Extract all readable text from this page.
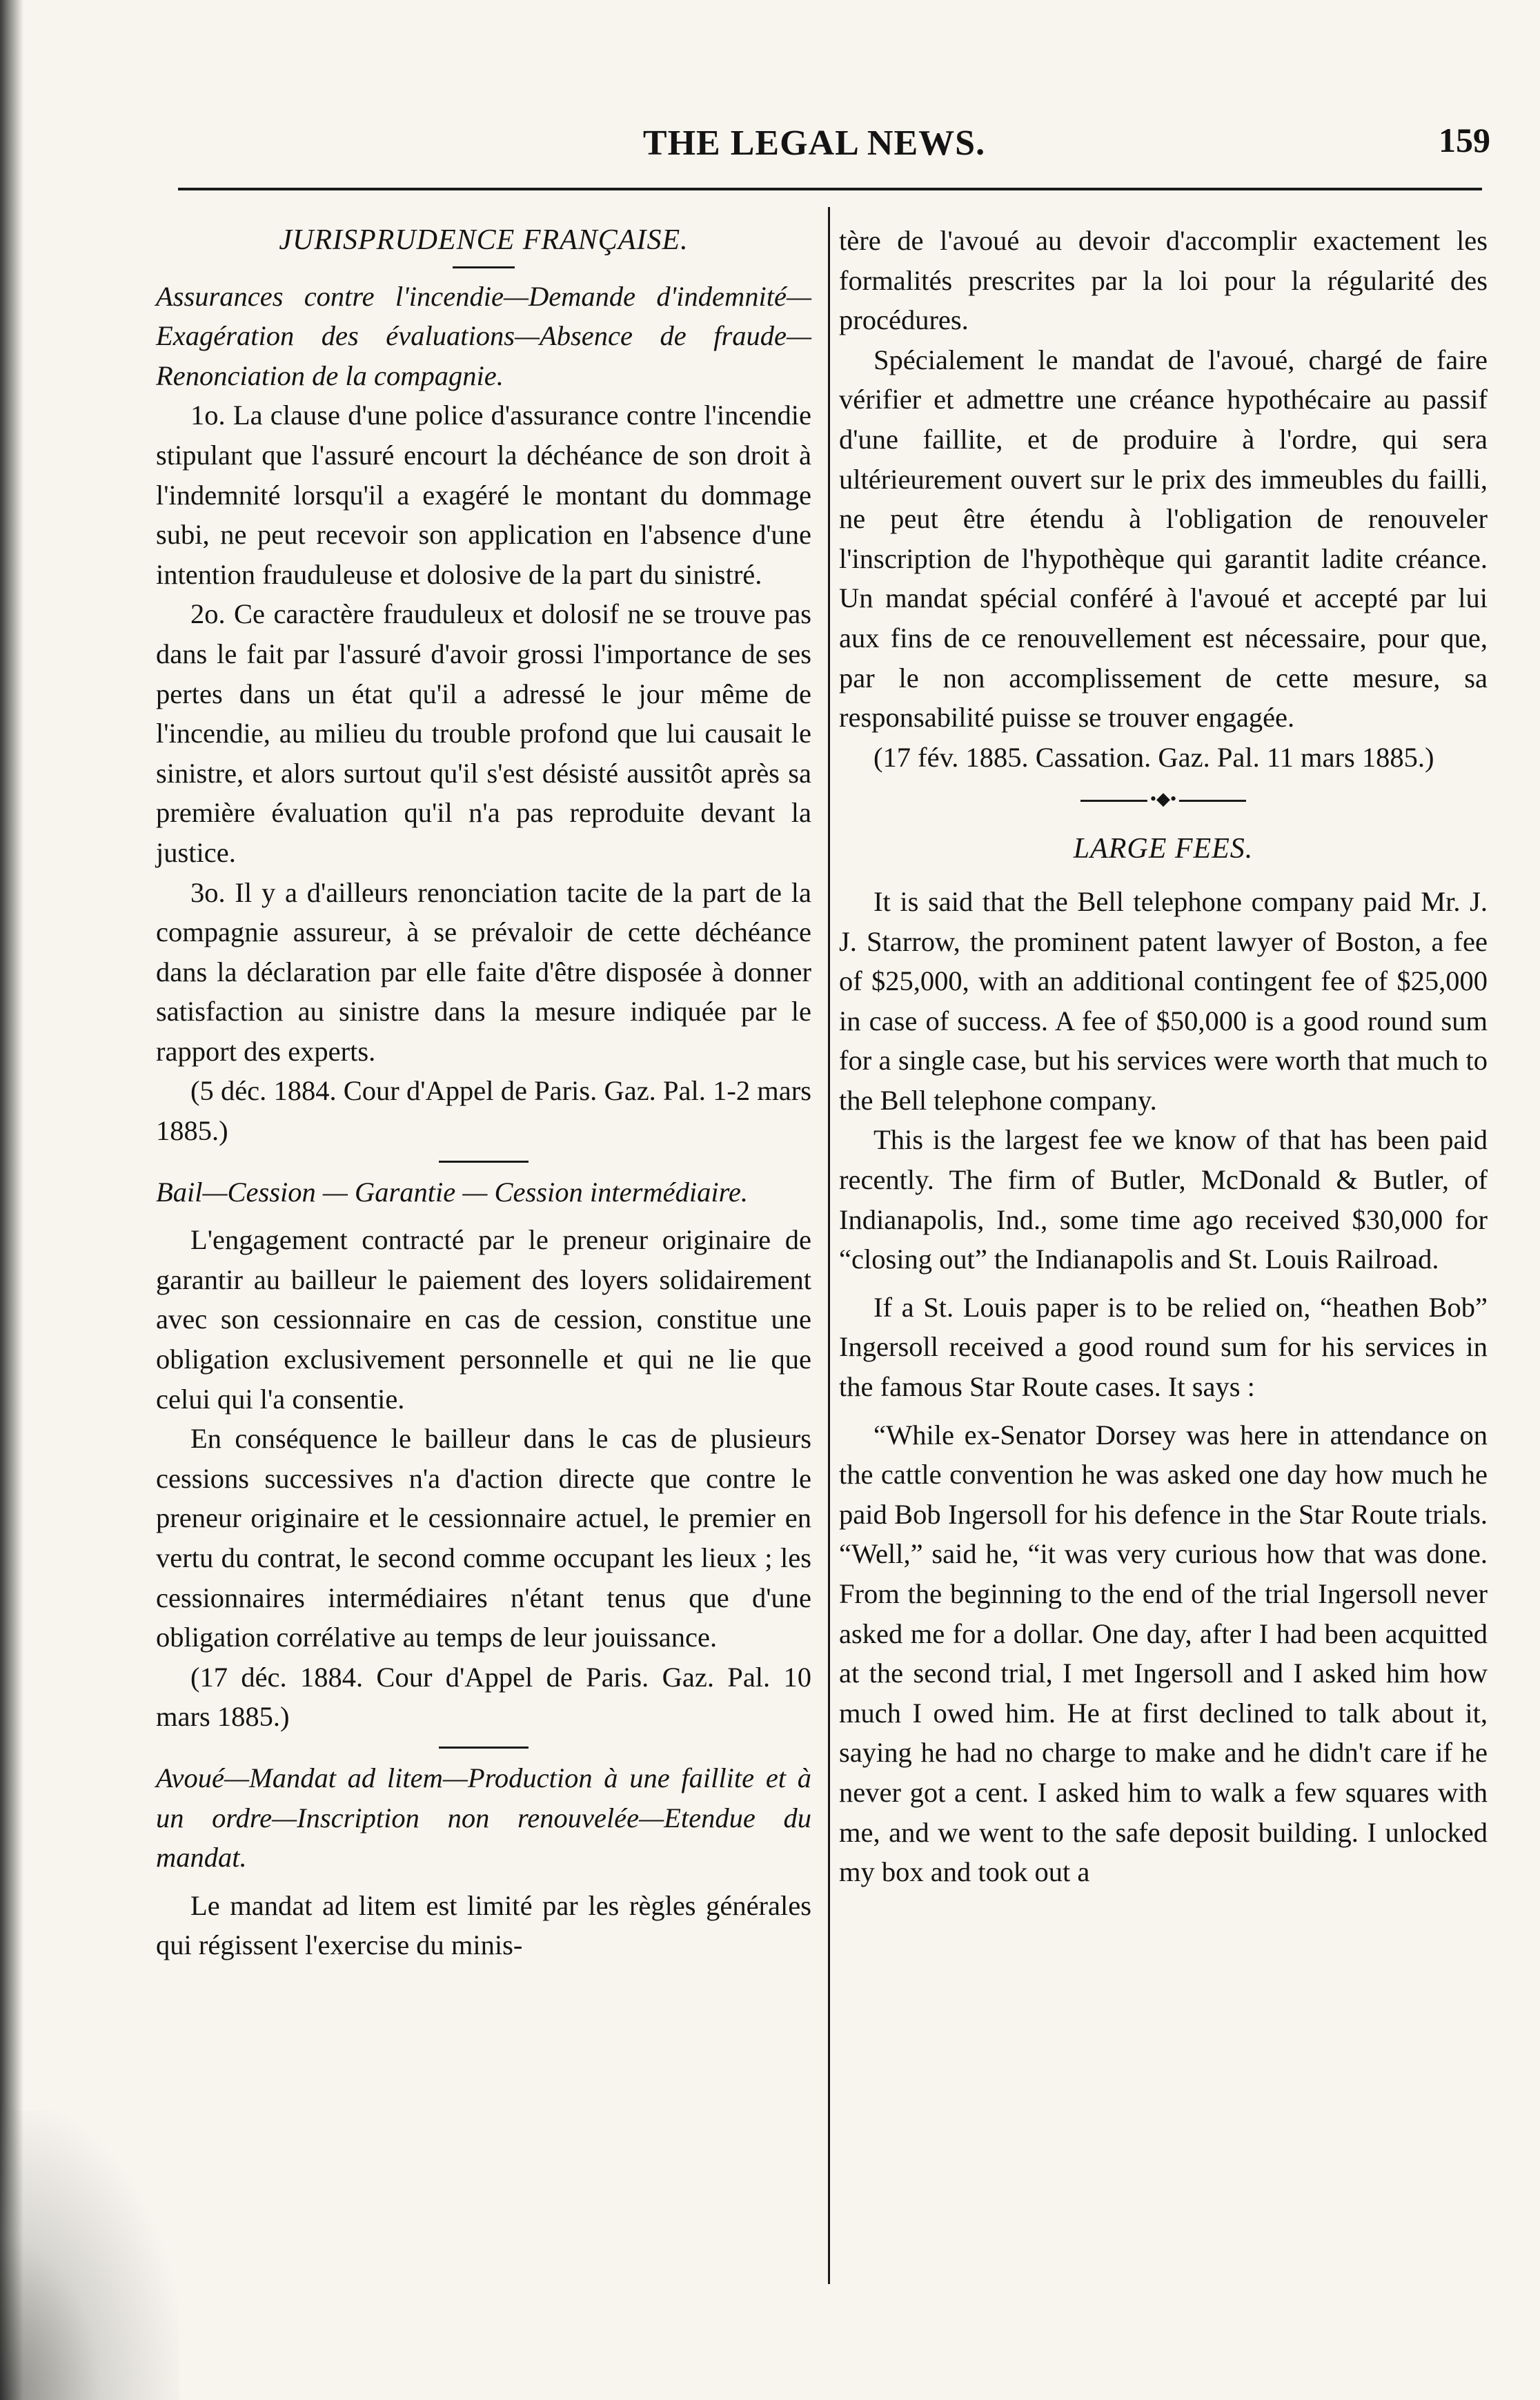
THE LEGAL NEWS.	159

JURISPRUDENCE FRANÇAISE.

Assurances contre l'incendie—Demande d'indemnité—Exagération des évaluations—Absence de fraude—Renonciation de la compagnie.

1o. La clause d'une police d'assurance contre l'incendie stipulant que l'assuré encourt la déchéance de son droit à l'indemnité lorsqu'il a exagéré le montant du dommage subi, ne peut recevoir son application en l'absence d'une intention frauduleuse et dolosive de la part du sinistré.

2o. Ce caractère frauduleux et dolosif ne se trouve pas dans le fait par l'assuré d'avoir grossi l'importance de ses pertes dans un état qu'il a adressé le jour même de l'incendie, au milieu du trouble profond que lui causait le sinistre, et alors surtout qu'il s'est désisté aussitôt après sa première évaluation qu'il n'a pas reproduite devant la justice.

3o. Il y a d'ailleurs renonciation tacite de la part de la compagnie assureur, à se prévaloir de cette déchéance dans la déclaration par elle faite d'être disposée à donner satisfaction au sinistre dans la mesure indiquée par le rapport des experts.

(5 déc. 1884. Cour d'Appel de Paris. Gaz. Pal. 1-2 mars 1885.)

Bail—Cession — Garantie — Cession intermédiaire.

L'engagement contracté par le preneur originaire de garantir au bailleur le paiement des loyers solidairement avec son cessionnaire en cas de cession, constitue une obligation exclusivement personnelle et qui ne lie que celui qui l'a consentie.

En conséquence le bailleur dans le cas de plusieurs cessions successives n'a d'action directe que contre le preneur originaire et le cessionnaire actuel, le premier en vertu du contrat, le second comme occupant les lieux ; les cessionnaires intermédiaires n'étant tenus que d'une obligation corrélative au temps de leur jouissance.

(17 déc. 1884. Cour d'Appel de Paris. Gaz. Pal. 10 mars 1885.)

Avoué—Mandat ad litem—Production à une faillite et à un ordre—Inscription non renouvelée—Etendue du mandat.

Le mandat ad litem est limité par les règles générales qui régissent l'exercise du minis-

tère de l'avoué au devoir d'accomplir exactement les formalités prescrites par la loi pour la régularité des procédures.

Spécialement le mandat de l'avoué, chargé de faire vérifier et admettre une créance hypothécaire au passif d'une faillite, et de produire à l'ordre, qui sera ultérieurement ouvert sur le prix des immeubles du failli, ne peut être étendu à l'obligation de renouveler l'inscription de l'hypothèque qui garantit ladite créance. Un mandat spécial conféré à l'avoué et accepté par lui aux fins de ce renouvellement est nécessaire, pour que, par le non accomplissement de cette mesure, sa responsabilité puisse se trouver engagée.

(17 fév. 1885. Cassation. Gaz. Pal. 11 mars 1885.)

•◆•

LARGE FEES.

It is said that the Bell telephone company paid Mr. J. J. Starrow, the prominent patent lawyer of Boston, a fee of $25,000, with an additional contingent fee of $25,000 in case of success. A fee of $50,000 is a good round sum for a single case, but his services were worth that much to the Bell telephone company.

This is the largest fee we know of that has been paid recently. The firm of Butler, McDonald & Butler, of Indianapolis, Ind., some time ago received $30,000 for “closing out” the Indianapolis and St. Louis Railroad.

If a St. Louis paper is to be relied on, “heathen Bob” Ingersoll received a good round sum for his services in the famous Star Route cases. It says :

“While ex-Senator Dorsey was here in attendance on the cattle convention he was asked one day how much he paid Bob Ingersoll for his defence in the Star Route trials. “Well,” said he, “it was very curious how that was done. From the beginning to the end of the trial Ingersoll never asked me for a dollar. One day, after I had been acquitted at the second trial, I met Ingersoll and I asked him how much I owed him. He at first declined to talk about it, saying he had no charge to make and he didn't care if he never got a cent. I asked him to walk a few squares with me, and we went to the safe deposit building. I unlocked my box and took out a
